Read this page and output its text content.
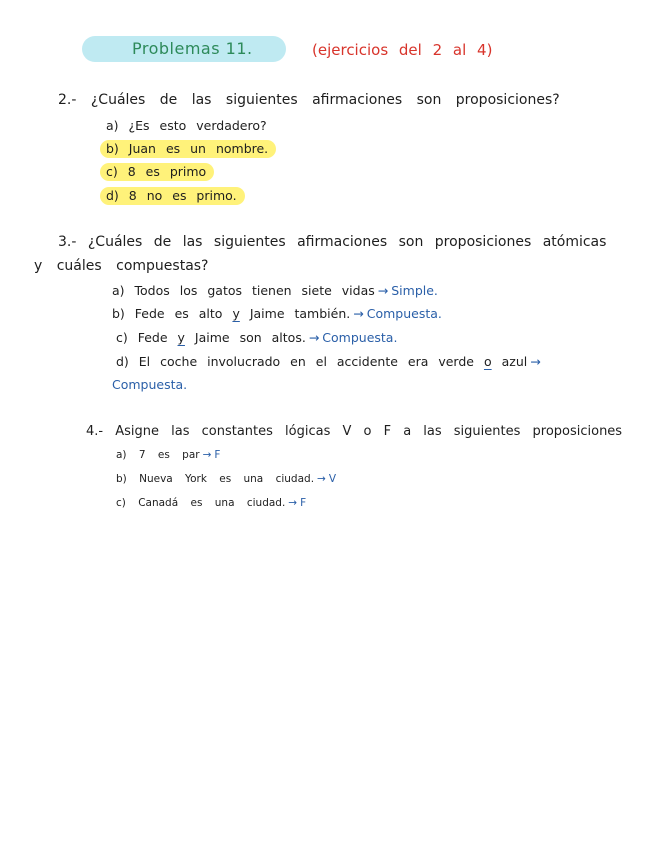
Problemas 11.	(ejercicios del 2 al 4)
2.- ¿Cuáles de las siguientes afirmaciones son proposiciones?
a) ¿Es esto verdadero?
b) Juan es un nombre.
c) 8 es primo
d) 8 no es primo.
3.- ¿Cuáles de las siguientes afirmaciones son proposiciones atómicas
y cuáles compuestas?
a) Todos los gatos tienen siete vidas → Simple.
b) Fede es alto y Jaime también. → Compuesta.
c) Fede y Jaime son altos. → Compuesta.
d) El coche involucrado en el accidente era verde o azul →
Compuesta.
4.- Asigne las constantes lógicas V o F a las siguientes proposiciones
a) 7 es par → F
b) Nueva York es una ciudad. → V
c) Canadá es una ciudad. → F
